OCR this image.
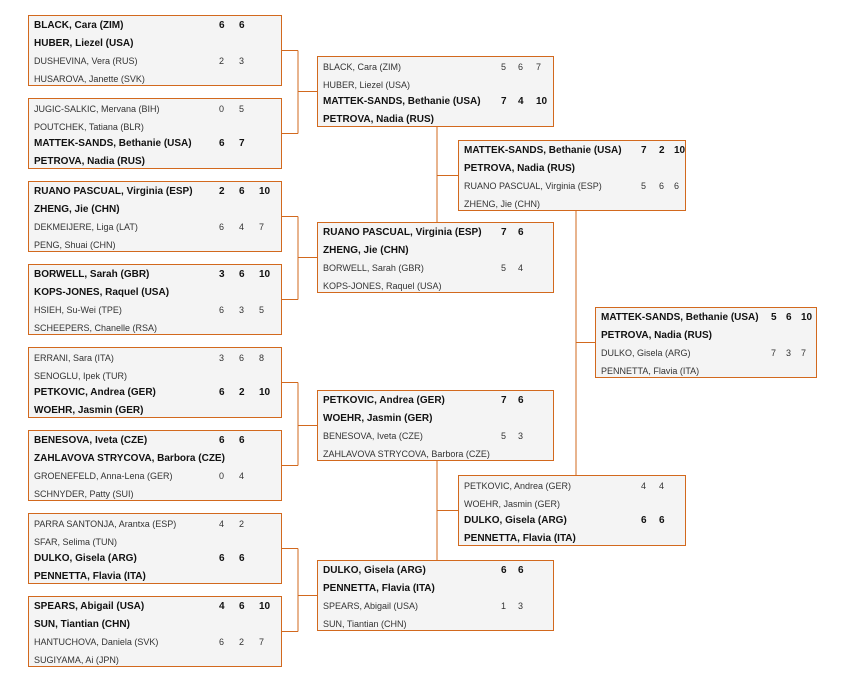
BLACK, Cara (ZIM)	6 6
HUBER, Liezel (USA)
DUSHEVINA, Vera (RUS)	2 3
HUSAROVA, Janette (SVK)
JUGIC-SALKIC, Mervana (BIH)	0 5
POUTCHEK, Tatiana (BLR)
MATTEK-SANDS, Bethanie (USA)	6 7
PETROVA, Nadia (RUS)
RUANO PASCUAL, Virginia (ESP)	2 6 10
ZHENG, Jie (CHN)
DEKMEIJERE, Liga (LAT)	6 4 7
PENG, Shuai (CHN)
BORWELL, Sarah (GBR)	3 6 10
KOPS-JONES, Raquel (USA)
HSIEH, Su-Wei (TPE)	6 3 5
SCHEEPERS, Chanelle (RSA)
ERRANI, Sara (ITA)	3 6 8
SENOGLU, Ipek (TUR)
PETKOVIC, Andrea (GER)	6 2 10
WOEHR, Jasmin (GER)
BENESOVA, Iveta (CZE)	6 6
ZAHLAVOVA STRYCOVA, Barbora (CZE)
GROENEFELD, Anna-Lena (GER)	0 4
SCHNYDER, Patty (SUI)
PARRA SANTONJA, Arantxa (ESP)	4 2
SFAR, Selima (TUN)
DULKO, Gisela (ARG)	6 6
PENNETTA, Flavia (ITA)
SPEARS, Abigail (USA)	4 6 10
SUN, Tiantian (CHN)
HANTUCHOVA, Daniela (SVK)	6 2 7
SUGIYAMA, Ai (JPN)
BLACK, Cara (ZIM)	5 6 7
HUBER, Liezel (USA)
MATTEK-SANDS, Bethanie (USA) 7 4 10
PETROVA, Nadia (RUS)
RUANO PASCUAL, Virginia (ESP) 7 6
ZHENG, Jie (CHN)
BORWELL, Sarah (GBR)	5 4
KOPS-JONES, Raquel (USA)
PETKOVIC, Andrea (GER)	7 6
WOEHR, Jasmin (GER)
BENESOVA, Iveta (CZE)	5 3
ZAHLAVOVA STRYCOVA, Barbora (CZE)
DULKO, Gisela (ARG)	6 6
PENNETTA, Flavia (ITA)
SPEARS, Abigail (USA)	1 3
SUN, Tiantian (CHN)
MATTEK-SANDS, Bethanie (USA) 7 2 10
PETROVA, Nadia (RUS)
RUANO PASCUAL, Virginia (ESP)	5 6 6
ZHENG, Jie (CHN)
PETKOVIC, Andrea (GER)	4 4
WOEHR, Jasmin (GER)
DULKO, Gisela (ARG)	6 6
PENNETTA, Flavia (ITA)
MATTEK-SANDS, Bethanie (USA) 5 6 10
PETROVA, Nadia (RUS)
DULKO, Gisela (ARG)	7 3 7
PENNETTA, Flavia (ITA)
